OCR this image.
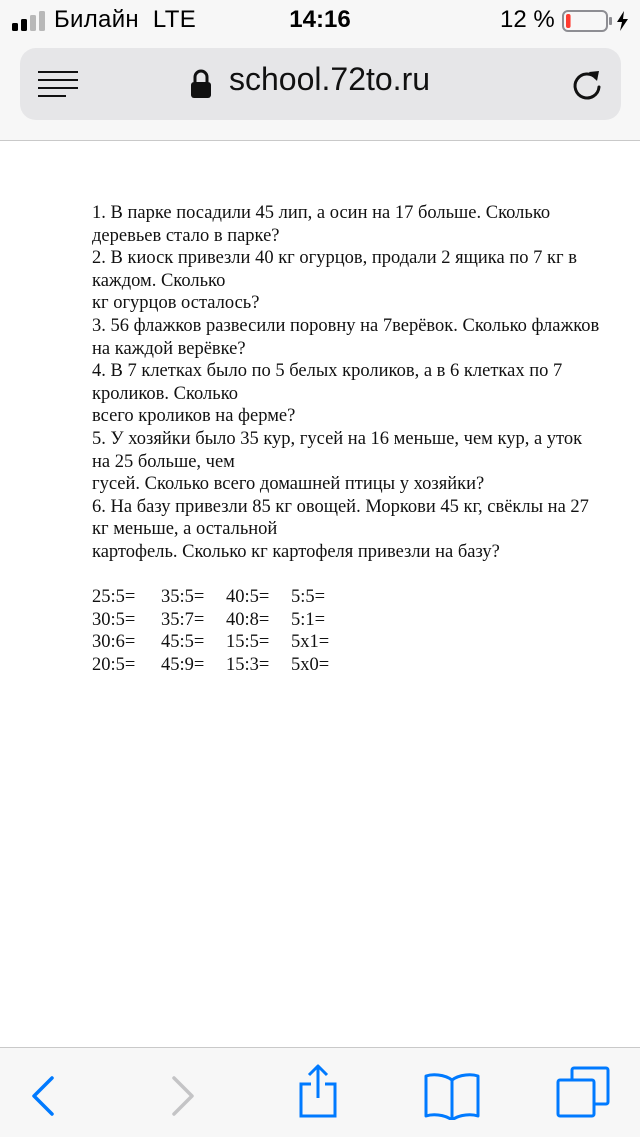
Билайн  LTE	14:16	12 %
school.72to.ru

1. В парке посадили 45 лип, а осин на 17 больше. Сколько деревьев стало в парке?

2. В киоск привезли 40 кг огурцов, продали 2 ящика по 7 кг в каждом. Сколько

кг огурцов осталось?

3. 56 флажков развесили поровну на 7верёвок. Сколько флажков на каждой верёвке?

4. В 7 клетках было по 5 белых кроликов, а в 6 клетках по 7 кроликов. Сколько

всего кроликов на ферме?

5. У хозяйки было 35 кур, гусей на 16 меньше, чем кур, а уток на 25 больше, чем

гусей. Сколько всего домашней птицы у хозяйки?

6. На базу привезли 85 кг овощей. Моркови 45 кг, свёклы на 27 кг меньше, а остальной

картофель. Сколько кг картофеля привезли на базу?

25:5=	35:5=	40:5=	5:5=
30:5=	35:7=	40:8=	5:1=
30:6=	45:5=	15:5=	5x1=
20:5=	45:9=	15:3=	5x0=
